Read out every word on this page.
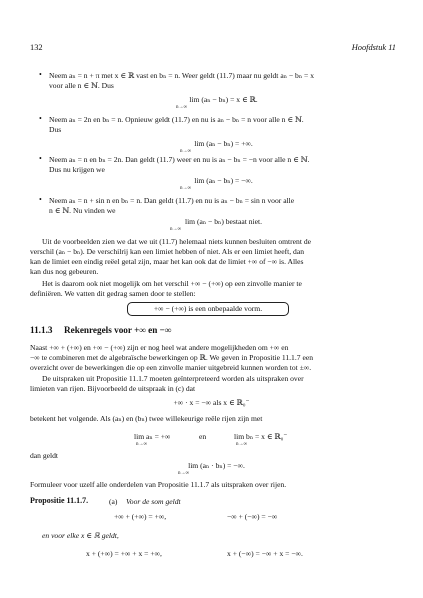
132	Hoofdstuk 11
• Neem aₙ = n + π met x ∈ ℝ vast en bₙ = n. Weer geldt (11.7) maar nu geldt aₙ − bₙ = x
voor alle n ∈ ℕ. Dus
lim (aₙ − bₙ) = x ∈ ℝ.
n→∞
• Neem aₙ = 2n en bₙ = n. Opnieuw geldt (11.7) en nu is aₙ − bₙ = n voor alle n ∈ ℕ.
Dus
lim (aₙ − bₙ) = +∞.
n→∞
• Neem aₙ = n en bₙ = 2n. Dan geldt (11.7) weer en nu is aₙ − bₙ = −n voor alle n ∈ ℕ.
Dus nu krijgen we
lim (aₙ − bₙ) = −∞.
n→∞
• Neem aₙ = n + sin n en bₙ = n. Dan geldt (11.7) en nu is aₙ − bₙ = sin n voor alle
n ∈ ℕ. Nu vinden we
lim (aₙ − bₙ) bestaat niet.
n→∞
Uit de voorbeelden zien we dat we uit (11.7) helemaal niets kunnen besluiten omtrent de
verschil (aₙ − bₙ). De verschilrij kan een limiet hebben of niet. Als er een limiet heeft, dan
kan de limiet een eindig reëel getal zijn, maar het kan ook dat de limiet +∞ of −∞ is. Alles
kan dus nog gebeuren.
Het is daarom ook niet mogelijk om het verschil +∞ − (+∞) op een zinvolle manier te
definiëren. We vatten dit gedrag samen door te stellen:
+∞ − (+∞) is een onbepaalde vorm.
11.1.3 Rekenregels voor +∞ en −∞
Naast +∞ + (+∞) en +∞ − (+∞) zijn er nog heel wat andere mogelijkheden om +∞ en
−∞ te combineren met de algebraïsche bewerkingen op ℝ. We geven in Propositie 11.1.7 een
overzicht over de bewerkingen die op een zinvolle manier uitgebreid kunnen worden tot ±∞.
De uitspraken uit Propositie 11.1.7 moeten geïnterpreteerd worden als uitspraken over
limieten van rijen. Bijvoorbeeld de uitspraak in (c) dat
+∞ · x = −∞ als x ∈ ℝ₀⁻
betekent het volgende. Als (aₙ) en (bₙ) twee willekeurige reële rijen zijn met
lim aₙ = +∞
n→∞
en	lim bₙ = x ∈ ℝ₀⁻
n→∞
dan geldt
lim (aₙ · bₙ) = −∞.
n→∞
Formuleer voor uzelf alle onderdelen van Propositie 11.1.7 als uitspraken over rijen.
Propositie 11.1.7.	(a) Voor de som geldt
+∞ + (+∞) = +∞,	−∞ + (−∞) = −∞
en voor elke x ∈ ℝ geldt,
x + (+∞) = +∞ + x = +∞,	x + (−∞) = −∞ + x = −∞.
